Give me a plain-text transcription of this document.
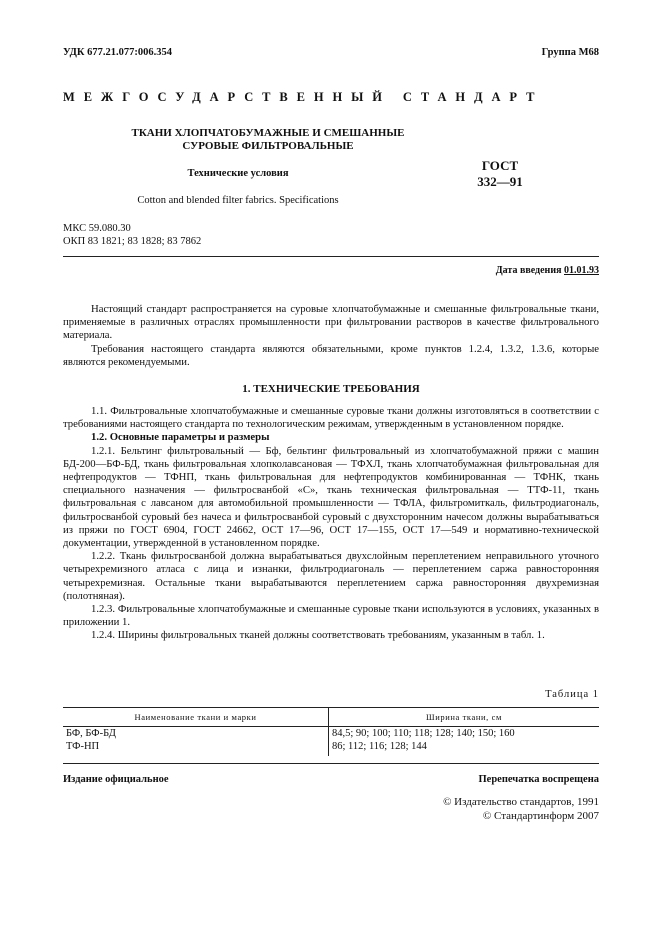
УДК 677.21.077:006.354	Группа М68
МЕЖГОСУДАРСТВЕННЫЙ СТАНДАРТ
ТКАНИ ХЛОПЧАТОБУМАЖНЫЕ И СМЕШАННЫЕ
СУРОВЫЕ ФИЛЬТРОВАЛЬНЫЕ
Технические условия
Cotton and blended filter fabrics. Specifications
ГОСТ
332—91
МКС 59.080.30
ОКП 83 1821; 83 1828; 83 7862
Дата введения 01.01.93

Настоящий стандарт распространяется на суровые хлопчатобумажные и смешанные фильтровальные ткани, применяемые в различных отраслях промышленности при фильтровании растворов в качестве фильтровального материала.

Требования настоящего стандарта являются обязательными, кроме пунктов 1.2.4, 1.3.2, 1.3.6, которые являются рекомендуемыми.

1. ТЕХНИЧЕСКИЕ ТРЕБОВАНИЯ

1.1. Фильтровальные хлопчатобумажные и смешанные суровые ткани должны изготовляться в соответствии с требованиями настоящего стандарта по технологическим режимам, утвержденным в установленном порядке.

1.2. Основные параметры и размеры

1.2.1. Бельтинг фильтровальный — Бф, бельтинг фильтровальный из хлопчатобумажной пряжи с машин БД-200—БФ-БД, ткань фильтровальная хлопколавсановая — ТФХЛ, ткань хлопчатобумажная фильтровальная для нефтепродуктов — ТФНП, ткань фильтровальная для нефтепродуктов комбинированная — ТФНК, ткань специального назначения — фильтросванбой «С», ткань техническая фильтровальная — ТТФ-11, ткань фильтровальная с лавсаном для автомобильной промышленности — ТФЛА, фильтромиткаль, фильтродиагональ, фильтросванбой суровый без начеса и фильтросванбой суровый с двухсторонним начесом должны вырабатываться из пряжи по ГОСТ 6904, ГОСТ 24662, ОСТ 17—96, ОСТ 17—155, ОСТ 17—549 и нормативно-технической документации, утвержденной в установленном порядке.

1.2.2. Ткань фильтросванбой должна вырабатываться двухслойным переплетением неправильного уточного четырехремизного атласа с лица и изнанки, фильтродиагональ — переплетением саржа равносторонняя четырехремизная. Остальные ткани вырабатываются переплетением саржа равносторонняя двухремизная (полотняная).

1.2.3. Фильтровальные хлопчатобумажные и смешанные суровые ткани используются в условиях, указанных в приложении 1.

1.2.4. Ширины фильтровальных тканей должны соответствовать требованиям, указанным в табл. 1.

Таблица 1
Наименование ткани и марки	Ширина ткани, см
БФ, БФ-БД	84,5; 90; 100; 110; 118; 128; 140; 150; 160
ТФ-НП	86; 112; 116; 128; 144
Издание официальное	Перепечатка воспрещена
© Издательство стандартов, 1991
© Стандартинформ 2007
